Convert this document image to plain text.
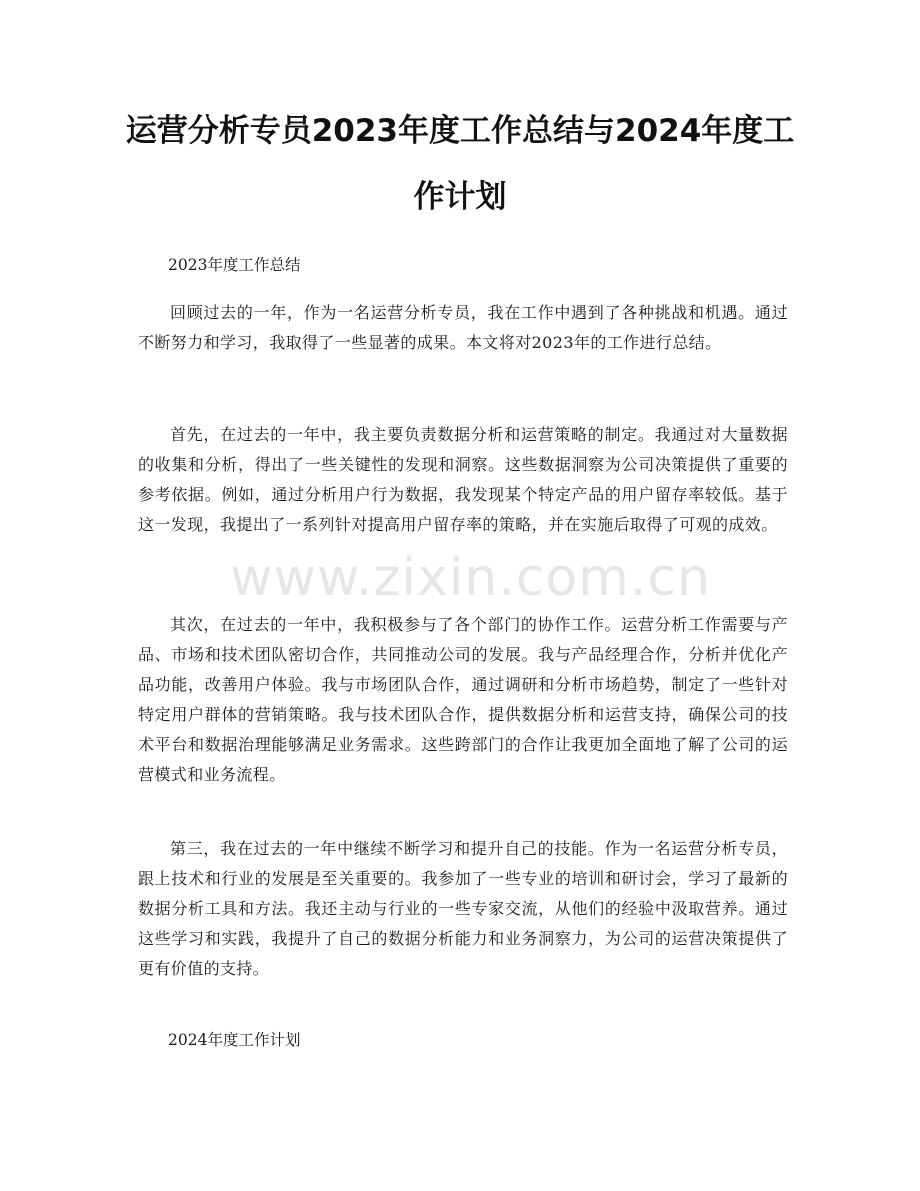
运营分析专员2023年度工作总结与2024年度工作计划

2023年度工作总结

回顾过去的一年，作为一名运营分析专员，我在工作中遇到了各种挑战和机遇。通过不断努力和学习，我取得了一些显著的成果。本文将对2023年的工作进行总结。

首先，在过去的一年中，我主要负责数据分析和运营策略的制定。我通过对大量数据的收集和分析，得出了一些关键性的发现和洞察。这些数据洞察为公司决策提供了重要的参考依据。例如，通过分析用户行为数据，我发现某个特定产品的用户留存率较低。基于这一发现，我提出了一系列针对提高用户留存率的策略，并在实施后取得了可观的成效。

其次，在过去的一年中，我积极参与了各个部门的协作工作。运营分析工作需要与产品、市场和技术团队密切合作，共同推动公司的发展。我与产品经理合作，分析并优化产品功能，改善用户体验。我与市场团队合作，通过调研和分析市场趋势，制定了一些针对特定用户群体的营销策略。我与技术团队合作，提供数据分析和运营支持，确保公司的技术平台和数据治理能够满足业务需求。这些跨部门的合作让我更加全面地了解了公司的运营模式和业务流程。

第三，我在过去的一年中继续不断学习和提升自己的技能。作为一名运营分析专员，跟上技术和行业的发展是至关重要的。我参加了一些专业的培训和研讨会，学习了最新的数据分析工具和方法。我还主动与行业的一些专家交流，从他们的经验中汲取营养。通过这些学习和实践，我提升了自己的数据分析能力和业务洞察力，为公司的运营决策提供了更有价值的支持。

2024年度工作计划

www.zixin.com.cn
